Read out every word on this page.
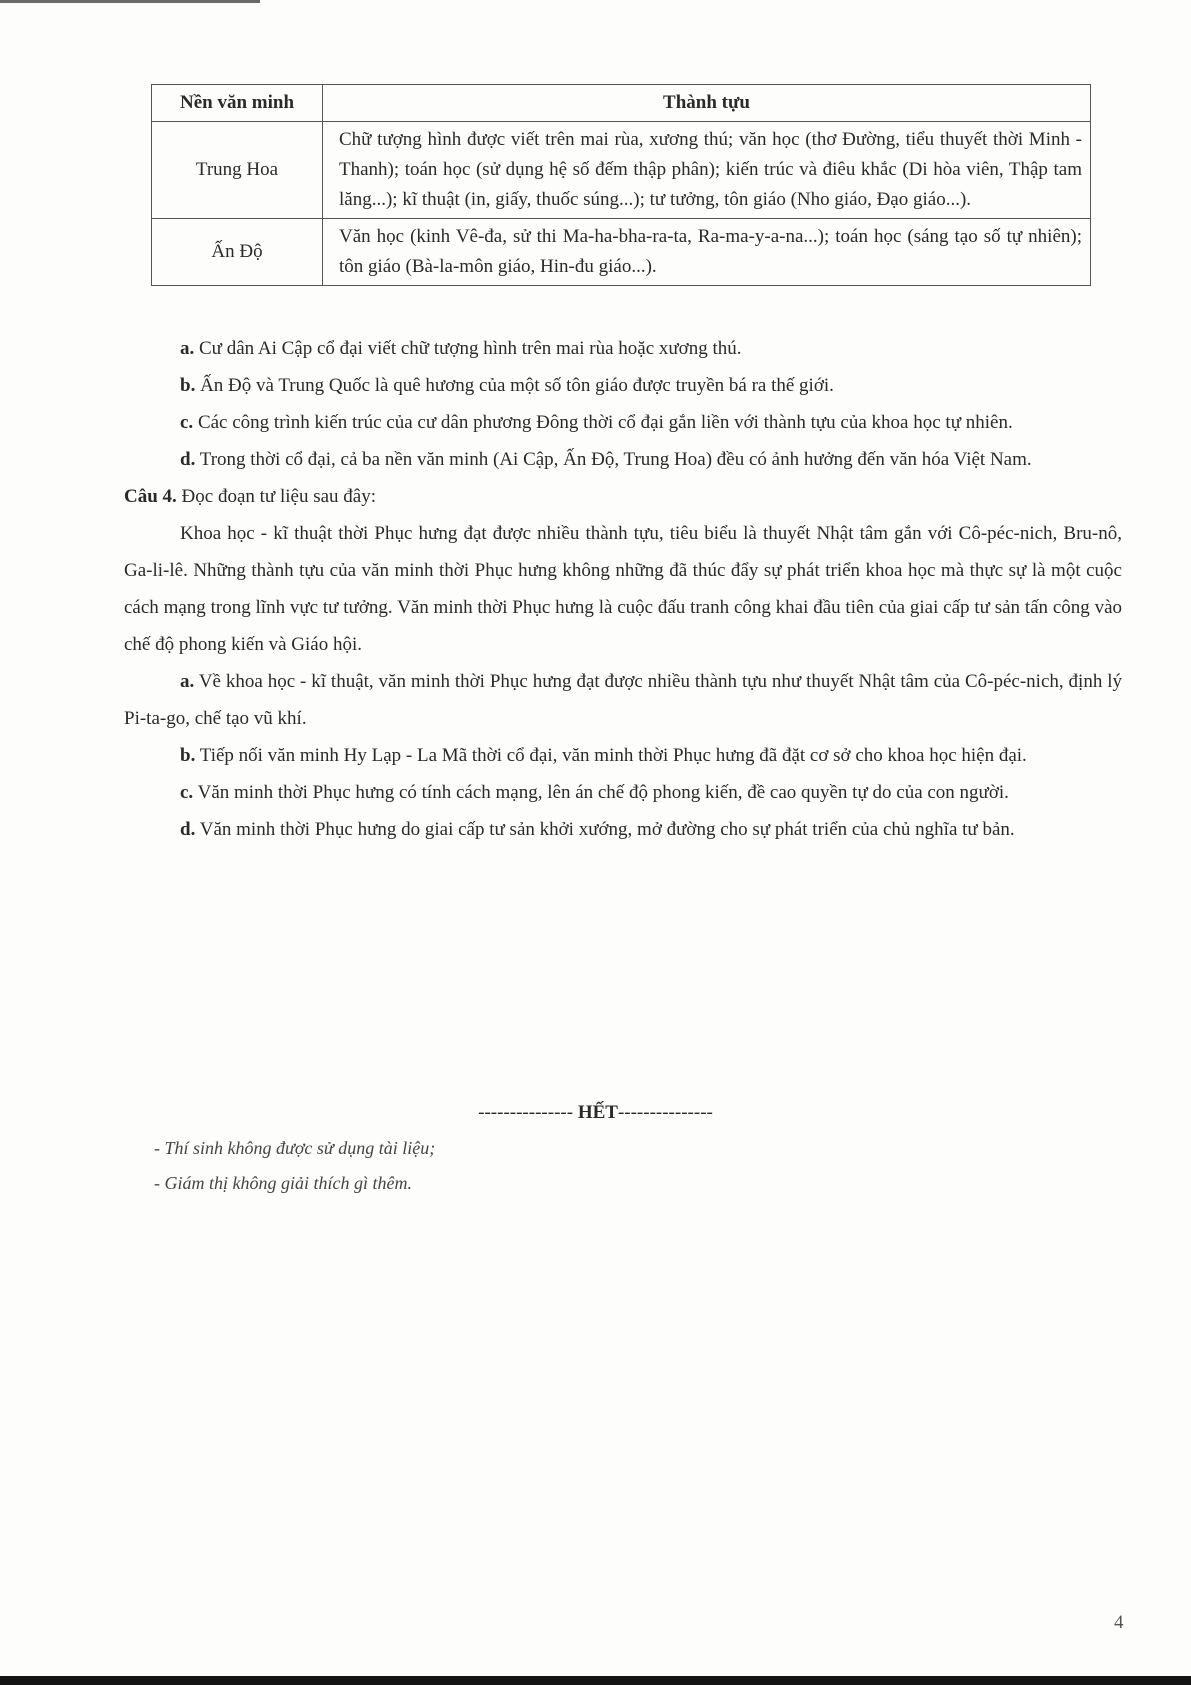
Nền văn minh	Thành tựu
Trung Hoa	Chữ tượng hình được viết trên mai rùa, xương thú; văn học (thơ Đường, tiểu thuyết thời Minh - Thanh); toán học (sử dụng hệ số đếm thập phân); kiến trúc và điêu khắc (Di hòa viên, Thập tam lăng...); kĩ thuật (in, giấy, thuốc súng...); tư tưởng, tôn giáo (Nho giáo, Đạo giáo...).
Ấn Độ	Văn học (kinh Vê-đa, sử thi Ma-ha-bha-ra-ta, Ra-ma-y-a-na...); toán học (sáng tạo số tự nhiên); tôn giáo (Bà-la-môn giáo, Hin-đu giáo...).

a. Cư dân Ai Cập cổ đại viết chữ tượng hình trên mai rùa hoặc xương thú.

b. Ấn Độ và Trung Quốc là quê hương của một số tôn giáo được truyền bá ra thế giới.

c. Các công trình kiến trúc của cư dân phương Đông thời cổ đại gắn liền với thành tựu của khoa học tự nhiên.

d. Trong thời cổ đại, cả ba nền văn minh (Ai Cập, Ấn Độ, Trung Hoa) đều có ảnh hưởng đến văn hóa Việt Nam.

Câu 4. Đọc đoạn tư liệu sau đây:

Khoa học - kĩ thuật thời Phục hưng đạt được nhiều thành tựu, tiêu biểu là thuyết Nhật tâm gắn với Cô-péc-nich, Bru-nô, Ga-li-lê. Những thành tựu của văn minh thời Phục hưng không những đã thúc đẩy sự phát triển khoa học mà thực sự là một cuộc cách mạng trong lĩnh vực tư tưởng. Văn minh thời Phục hưng là cuộc đấu tranh công khai đầu tiên của giai cấp tư sản tấn công vào chế độ phong kiến và Giáo hội.

a. Về khoa học - kĩ thuật, văn minh thời Phục hưng đạt được nhiều thành tựu như thuyết Nhật tâm của Cô-péc-nich, định lý Pi-ta-go, chế tạo vũ khí.

b. Tiếp nối văn minh Hy Lạp - La Mã thời cổ đại, văn minh thời Phục hưng đã đặt cơ sở cho khoa học hiện đại.

c. Văn minh thời Phục hưng có tính cách mạng, lên án chế độ phong kiến, đề cao quyền tự do của con người.

d. Văn minh thời Phục hưng do giai cấp tư sản khởi xướng, mở đường cho sự phát triển của chủ nghĩa tư bản.

--------------- HẾT---------------
- Thí sinh không được sử dụng tài liệu;
- Giám thị không giải thích gì thêm.
4
